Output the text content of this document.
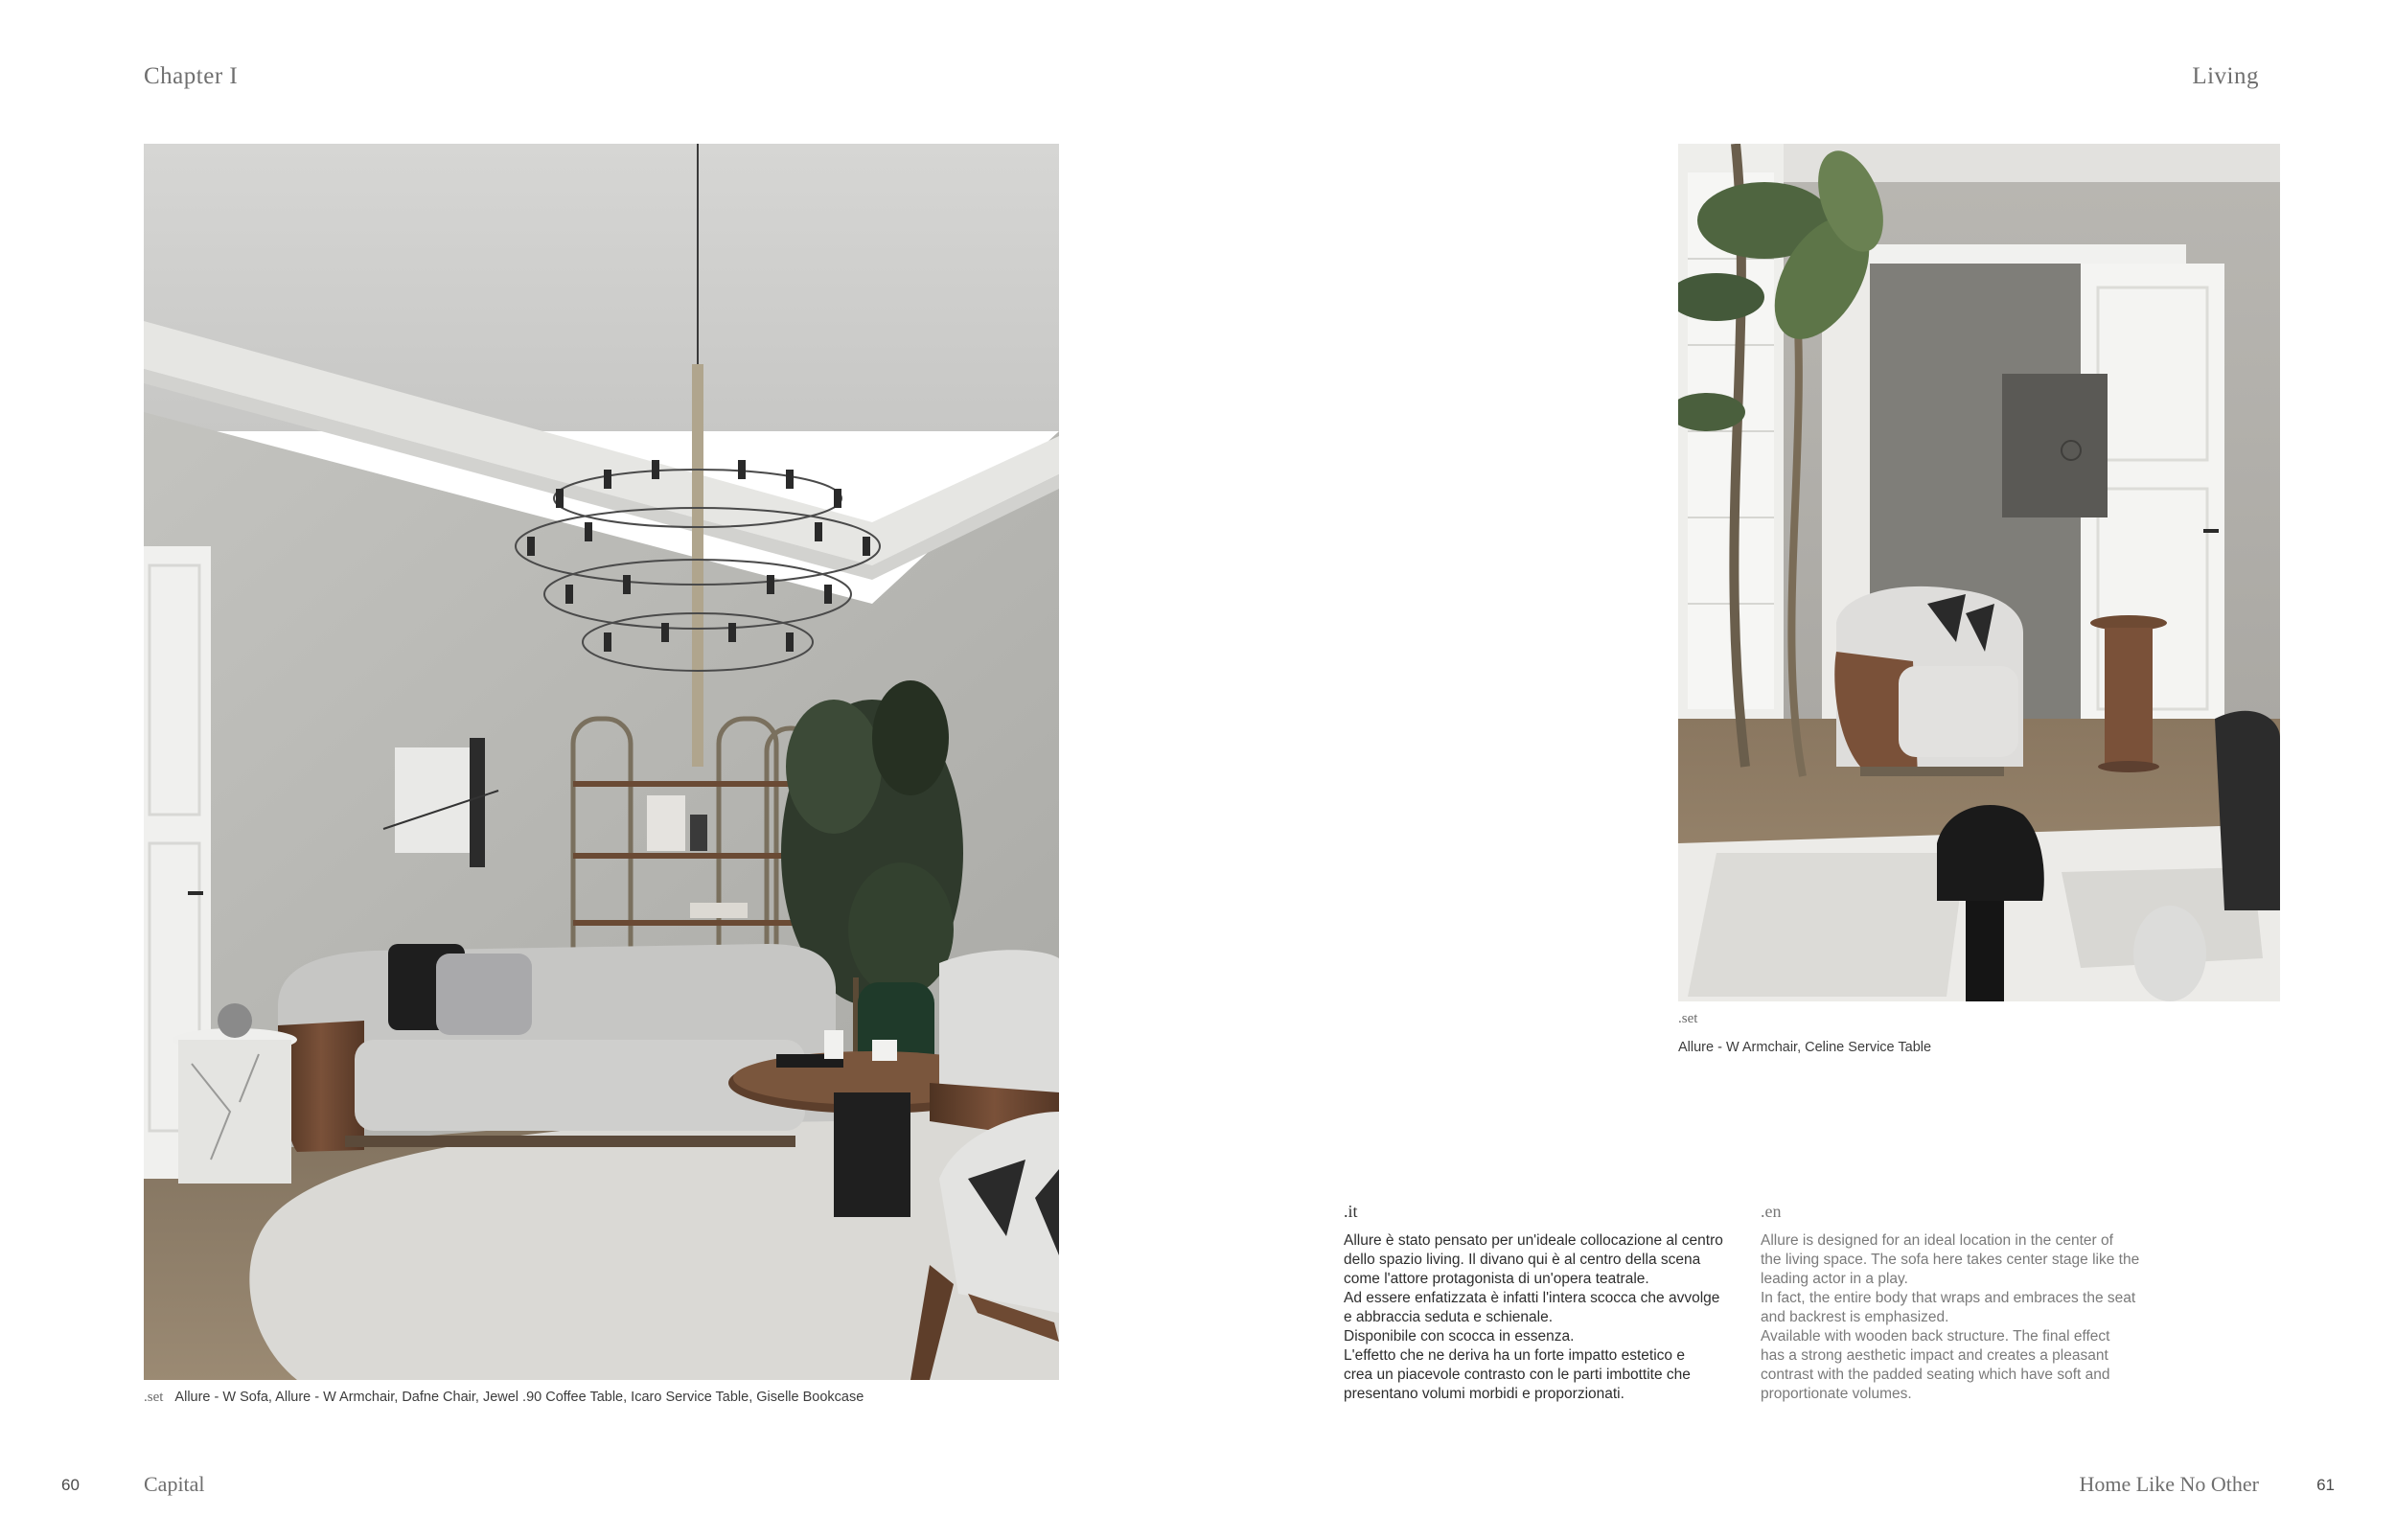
Chapter I	Living
.set Allure - W Sofa, Allure - W Armchair, Dafne Chair, Jewel .90 Coffee Table, Icaro Service Table, Giselle Bookcase
.set
Allure - W Armchair, Celine Service Table
.it

Allure è stato pensato per un'ideale collocazione al centro

dello spazio living. Il divano qui è al centro della scena

come l'attore protagonista di un'opera teatrale.

Ad essere enfatizzata è infatti l'intera scocca che avvolge

e abbraccia seduta e schienale.

Disponibile con scocca in essenza.

L'effetto che ne deriva ha un forte impatto estetico e

crea un piacevole contrasto con le parti imbottite che

presentano volumi morbidi e proporzionati.

.en

Allure is designed for an ideal location in the center of

the living space. The sofa here takes center stage like the

leading actor in a play.

In fact, the entire body that wraps and embraces the seat

and backrest is emphasized.

Available with wooden back structure. The final effect

has a strong aesthetic impact and creates a pleasant

contrast with the padded seating which have soft and

proportionate volumes.

60	Capital	Home Like No Other	61
